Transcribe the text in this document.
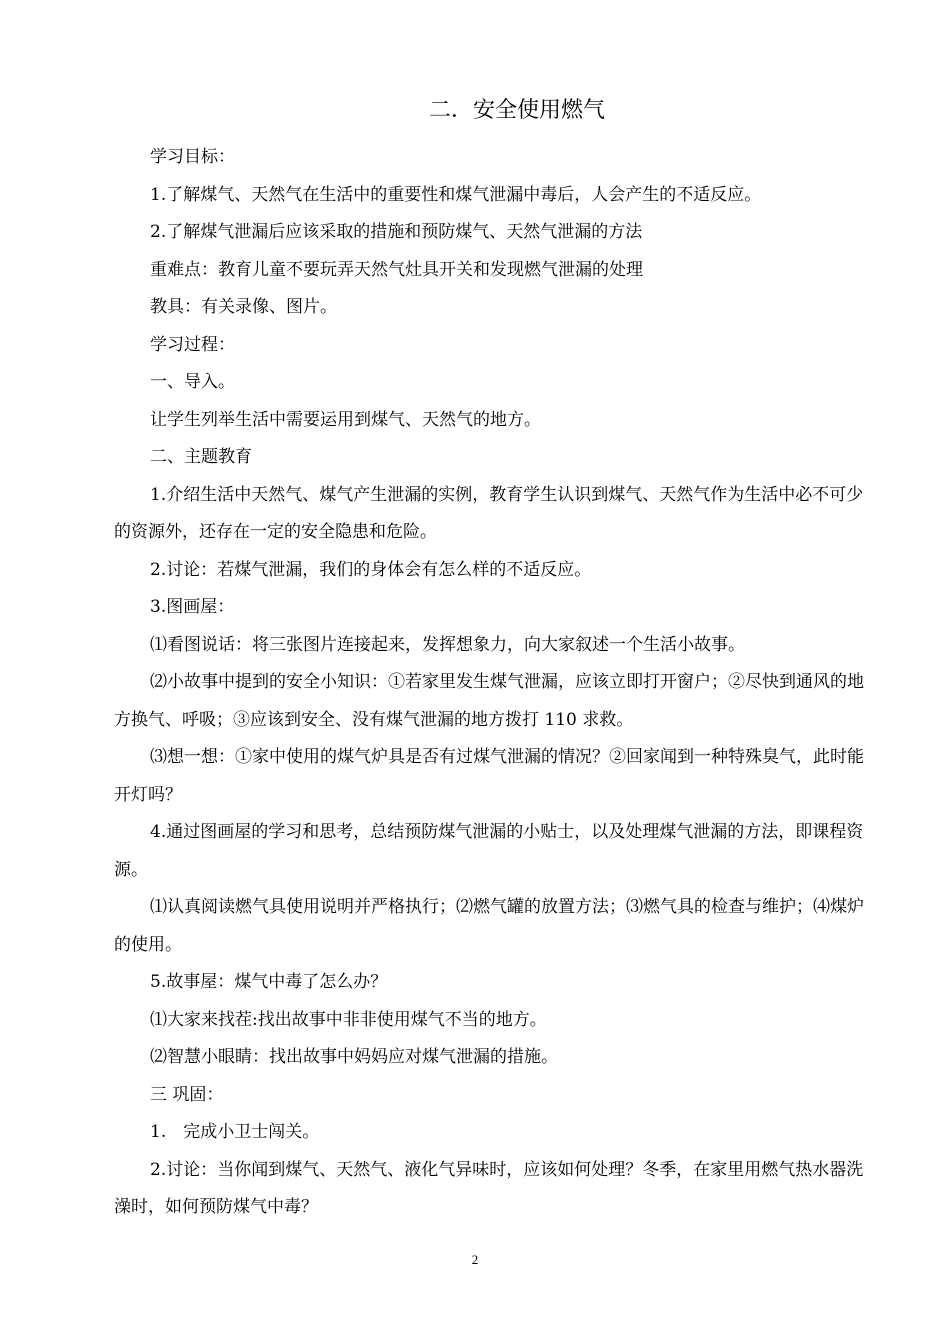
二．安全使用燃气
学习目标：
1.了解煤气、天然气在生活中的重要性和煤气泄漏中毒后，人会产生的不适反应。
2.了解煤气泄漏后应该采取的措施和预防煤气、天然气泄漏的方法
重难点：教育儿童不要玩弄天然气灶具开关和发现燃气泄漏的处理
教具：有关录像、图片。
学习过程：
一、导入。
让学生列举生活中需要运用到煤气、天然气的地方。
二、主题教育
1.介绍生活中天然气、煤气产生泄漏的实例，教育学生认识到煤气、天然气作为生活中必不可少的资源外，还存在一定的安全隐患和危险。
2.讨论：若煤气泄漏，我们的身体会有怎么样的不适反应。
3.图画屋：
⑴看图说话：将三张图片连接起来，发挥想象力，向大家叙述一个生活小故事。
⑵小故事中提到的安全小知识：①若家里发生煤气泄漏，应该立即打开窗户；②尽快到通风的地方换气、呼吸；③应该到安全、没有煤气泄漏的地方拨打 110 求救。
⑶想一想：①家中使用的煤气炉具是否有过煤气泄漏的情况？②回家闻到一种特殊臭气，此时能开灯吗？
4.通过图画屋的学习和思考，总结预防煤气泄漏的小贴士，以及处理煤气泄漏的方法，即课程资源。
⑴认真阅读燃气具使用说明并严格执行；⑵燃气罐的放置方法；⑶燃气具的检查与维护；⑷煤炉的使用。
5.故事屋：煤气中毒了怎么办？
⑴大家来找茬:找出故事中非非使用煤气不当的地方。
⑵智慧小眼睛：找出故事中妈妈应对煤气泄漏的措施。
三 巩固：
1.　完成小卫士闯关。
2.讨论：当你闻到煤气、天然气、液化气异味时，应该如何处理？冬季，在家里用燃气热水器洗澡时，如何预防煤气中毒？
2
